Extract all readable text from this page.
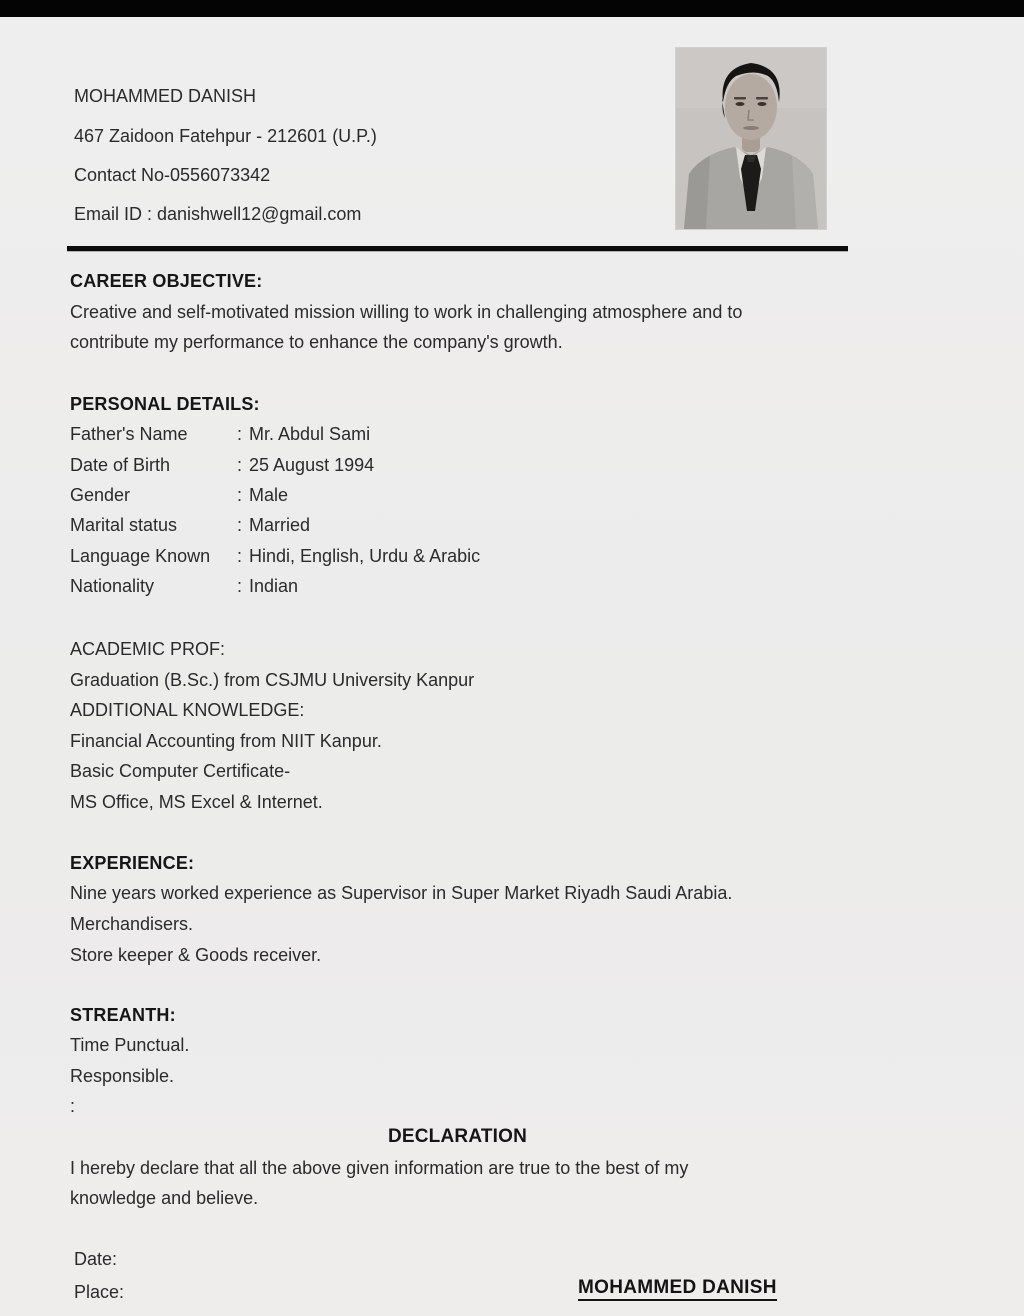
MOHAMMED DANISH
467 Zaidoon Fatehpur - 212601 (U.P.)
Contact No-0556073342
Email ID : danishwell12@gmail.com
CAREER OBJECTIVE:
Creative and self-motivated mission willing to work in challenging atmosphere and to
contribute my performance to enhance the company's growth.
PERSONAL DETAILS:
Father's Name	: Mr. Abdul Sami
Date of Birth	: 25 August 1994
Gender	: Male
Marital status	: Married
Language Known : Hindi, English, Urdu & Arabic
Nationality	: Indian
ACADEMIC PROF:
Graduation (B.Sc.) from CSJMU University Kanpur
ADDITIONAL KNOWLEDGE:
Financial Accounting from NIIT Kanpur.
Basic Computer Certificate-
MS Office, MS Excel & Internet.
EXPERIENCE:
Nine years worked experience as Supervisor in Super Market Riyadh Saudi Arabia.
Merchandisers.
Store keeper & Goods receiver.
STREANTH:
Time Punctual.
Responsible.
:
DECLARATION
I hereby declare that all the above given information are true to the best of my
knowledge and believe.
Date:
Place:	MOHAMMED DANISH
